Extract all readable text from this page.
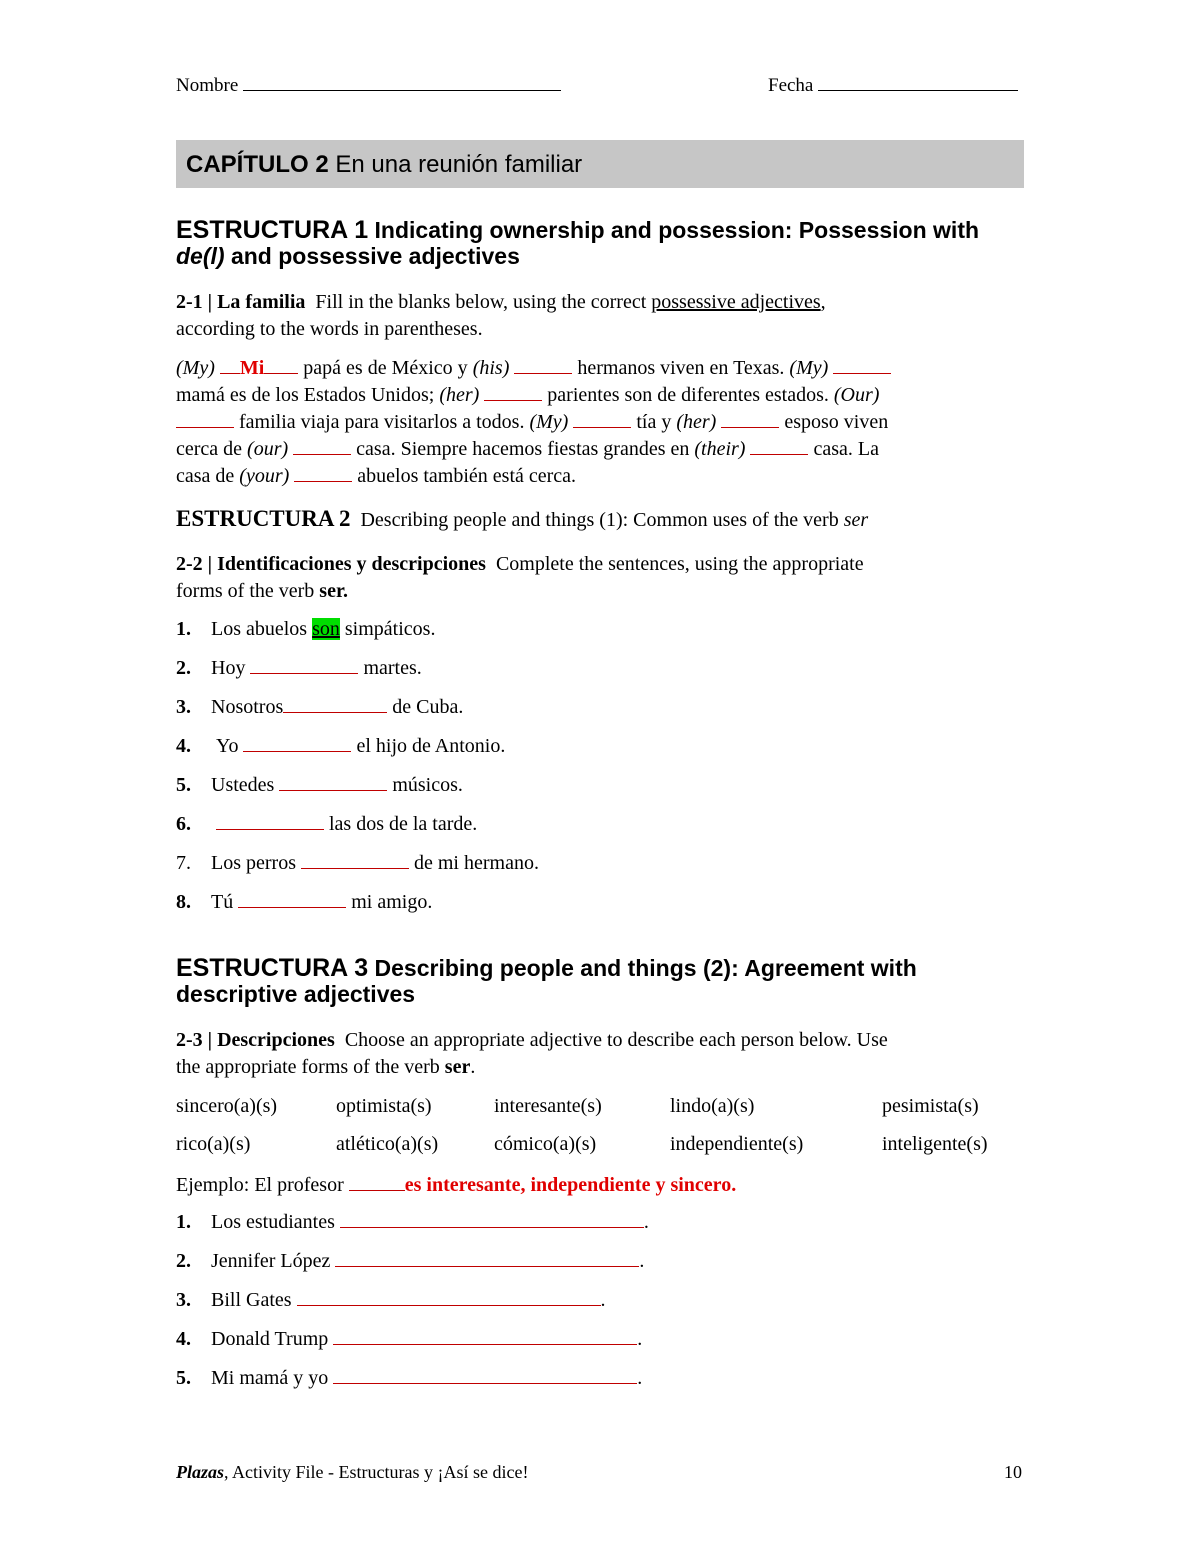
Nombre	Fecha
CAPÍTULO 2 En una reunión familiar
ESTRUCTURA 1 Indicating ownership and possession: Possession with
de(l) and possessive adjectives
2-1 | La familia Fill in the blanks below, using the correct possessive adjectives,
according to the words in parentheses.
(My) Mi papá es de México y (his)	hermanos viven en Texas. (My)
mamá es de los Estados Unidos; (her)	parientes son de diferentes estados. (Our)
familia viaja para visitarlos a todos. (My)	tía y (her)	esposo viven
cerca de (our)	casa. Siempre hacemos fiestas grandes en (their)	casa. La
casa de (your)	abuelos también está cerca.
ESTRUCTURA 2 Describing people and things (1): Common uses of the verb ser
2-2 | Identificaciones y descripciones Complete the sentences, using the appropriate
forms of the verb ser.
1. Los abuelos son simpáticos.
2. Hoy	martes.
3. Nosotros	de Cuba.
4. Yo	el hijo de Antonio.
5. Ustedes	músicos.
6.	las dos de la tarde.
7. Los perros	de mi hermano.
8. Tú	mi amigo.
ESTRUCTURA 3 Describing people and things (2): Agreement with
descriptive adjectives
2-3 | Descripciones Choose an appropriate adjective to describe each person below. Use
the appropriate forms of the verb ser.
sincero(a)(s)	optimista(s)	interesante(s)	lindo(a)(s)	pesimista(s)
rico(a)(s)	atlético(a)(s)	cómico(a)(s)	independiente(s)	inteligente(s)
Ejemplo: El profesor	es interesante, independiente y sincero.
1. Los estudiantes	.
2. Jennifer López	.
3. Bill Gates	.
4. Donald Trump	.
5. Mi mamá y yo	.
Plazas, Activity File - Estructuras y ¡Así se dice!	10
